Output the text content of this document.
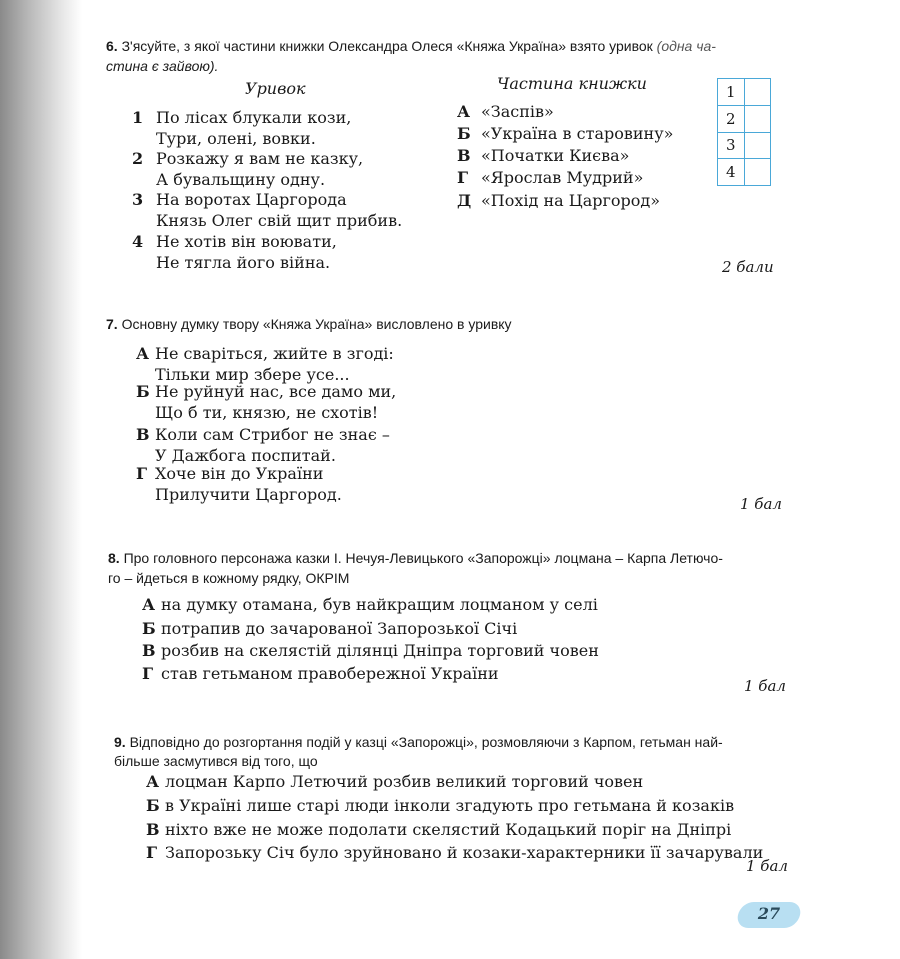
6. З'ясуйте, з якої частини книжки Олександра Олеся «Княжа Україна» взято уривок (одна ча-
стина є зайвою).
Уривок	Частина книжки
1 По лісах блукали кози,
Тури, олені, вовки.
2 Розкажу я вам не казку,
А бувальщину одну.
3 На воротах Царгорода
Князь Олег свій щит прибив.
4 Не хотів він воювати,
Не тягла його війна.
А «Заспів»
Б «Україна в старовину»
В «Початки Києва»
Г «Ярослав Мудрий»
Д «Похід на Царгород»
1	
2	
3	
4	
2 бали
7. Основну думку твору «Княжа Україна» висловлено в уривку
А Не сваріться, жийте в згоді:
Тільки мир збере усе...
Б Не руйнуй нас, все дамо ми,
Що б ти, князю, не схотів!
В Коли сам Стрибог не знає –
У Дажбога поспитай.
Г Хоче він до України
Прилучити Царгород.	1 бал
8. Про головного персонажа казки І. Нечуя-Левицького «Запорожці» лоцмана – Карпа Летючо-
го – йдеться в кожному рядку, ОКРІМ
А на думку отамана, був найкращим лоцманом у селі
Б потрапив до зачарованої Запорозької Січі
В розбив на скелястій ділянці Дніпра торговий човен
Г став гетьманом правобережної України
1 бал
9. Відповідно до розгортання подій у казці «Запорожці», розмовляючи з Карпом, гетьман най-
більше засмутився від того, що
А лоцман Карпо Летючий розбив великий торговий човен
Б в Україні лише старі люди інколи згадують про гетьмана й козаків
В ніхто вже не може подолати скелястий Кодацький поріг на Дніпрі
Г Запорозьку Січ було зруйновано й козаки-характерники її зачарували
1 бал
27
